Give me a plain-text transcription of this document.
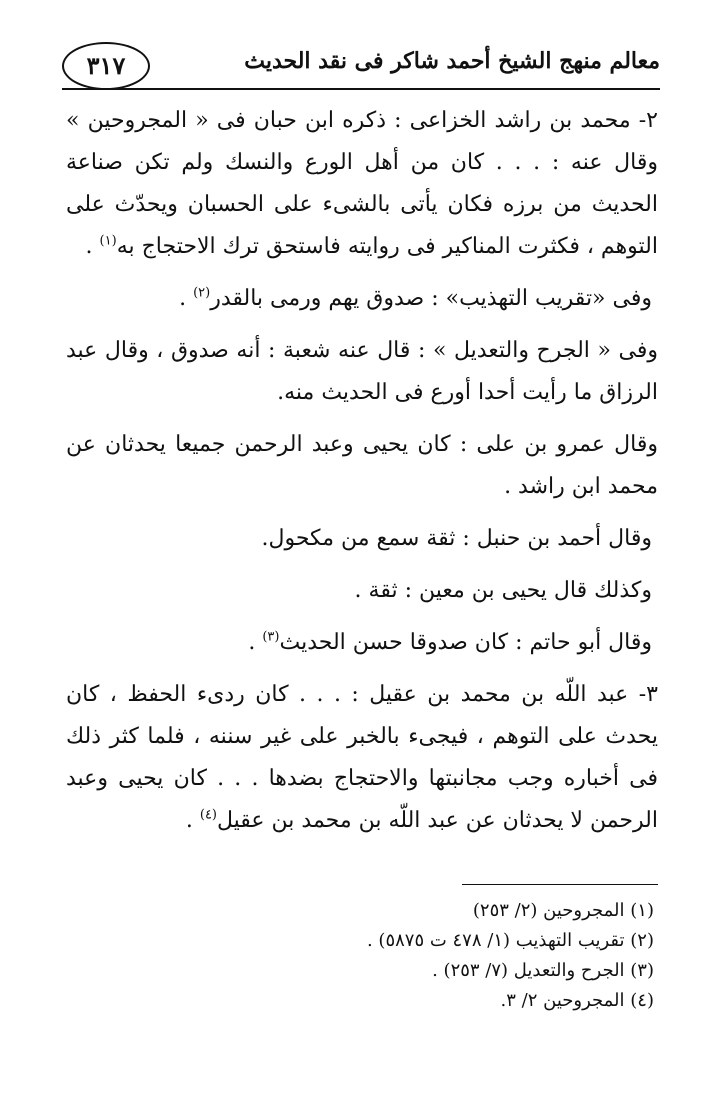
٣١٧	معالم منهج الشيخ أحمد شاكر فى نقد الحديث

٢- محمد بن راشد الخزاعى : ذكره ابن حبان فى « المجروحين » وقال عنه : . . . كان من أهل الورع والنسك ولم تكن صناعة الحديث من برزه فكان يأتى بالشىء على الحسبان ويحدّث على التوهم ، فكثرت المناكير فى روايته فاستحق ترك الاحتجاج به$^{(١)}$ .

وفى «تقريب التهذيب» : صدوق يهم ورمى بالقدر$^{(٢)}$ .

وفى « الجرح والتعديل » : قال عنه شعبة : أنه صدوق ، وقال عبد الرزاق ما رأيت أحدا أورع فى الحديث منه.

وقال عمرو بن على : كان يحيى وعبد الرحمن جميعا يحدثان عن محمد ابن راشد .

وقال أحمد بن حنبل : ثقة سمع من مكحول.

وكذلك قال يحيى بن معين : ثقة .

وقال أبو حاتم : كان صدوقا حسن الحديث$^{(٣)}$ .

٣- عبد اللّه بن محمد بن عقيل : . . . كان ردىء الحفظ ، كان يحدث على التوهم ، فيجىء بالخبر على غير سننه ، فلما كثر ذلك فى أخباره وجب مجانبتها والاحتجاج بضدها . . . كان يحيى وعبد الرحمن لا يحدثان عن عبد اللّه بن محمد بن عقيل$^{(٤)}$ .

(١) المجروحين (٢/ ٢٥٣)

(٢) تقريب التهذيب (١/ ٤٧٨ ت ٥٨٧٥) .

(٣) الجرح والتعديل (٧/ ٢٥٣) .

(٤) المجروحين ٢/ ٣.
